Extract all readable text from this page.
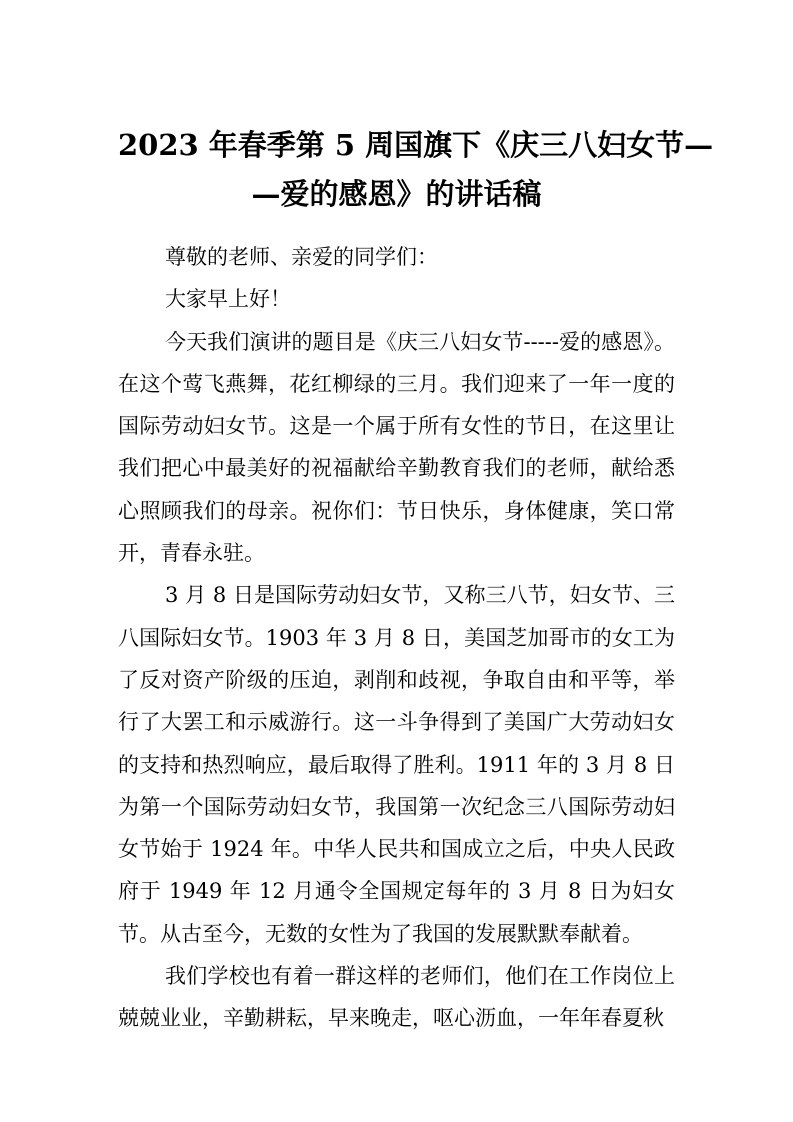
2023 年春季第 5 周国旗下《庆三八妇女节—
—爱的感恩》的讲话稿

尊敬的老师、亲爱的同学们：

大家早上好！

今天我们演讲的题目是《庆三八妇女节-----爱的感恩》。在这个莺飞燕舞，花红柳绿的三月。我们迎来了一年一度的国际劳动妇女节。这是一个属于所有女性的节日，在这里让我们把心中最美好的祝福献给辛勤教育我们的老师，献给悉心照顾我们的母亲。祝你们：节日快乐，身体健康，笑口常开，青春永驻。

3 月 8 日是国际劳动妇女节，又称三八节，妇女节、三八国际妇女节。1903 年 3 月 8 日，美国芝加哥市的女工为了反对资产阶级的压迫，剥削和歧视，争取自由和平等，举行了大罢工和示威游行。这一斗争得到了美国广大劳动妇女的支持和热烈响应，最后取得了胜利。1911 年的 3 月 8 日为第一个国际劳动妇女节，我国第一次纪念三八国际劳动妇女节始于 1924 年。中华人民共和国成立之后，中央人民政府于 1949 年 12 月通令全国规定每年的 3 月 8 日为妇女节。从古至今，无数的女性为了我国的发展默默奉献着。

我们学校也有着一群这样的老师们，他们在工作岗位上兢兢业业，辛勤耕耘，早来晚走，呕心沥血，一年年春夏秋
